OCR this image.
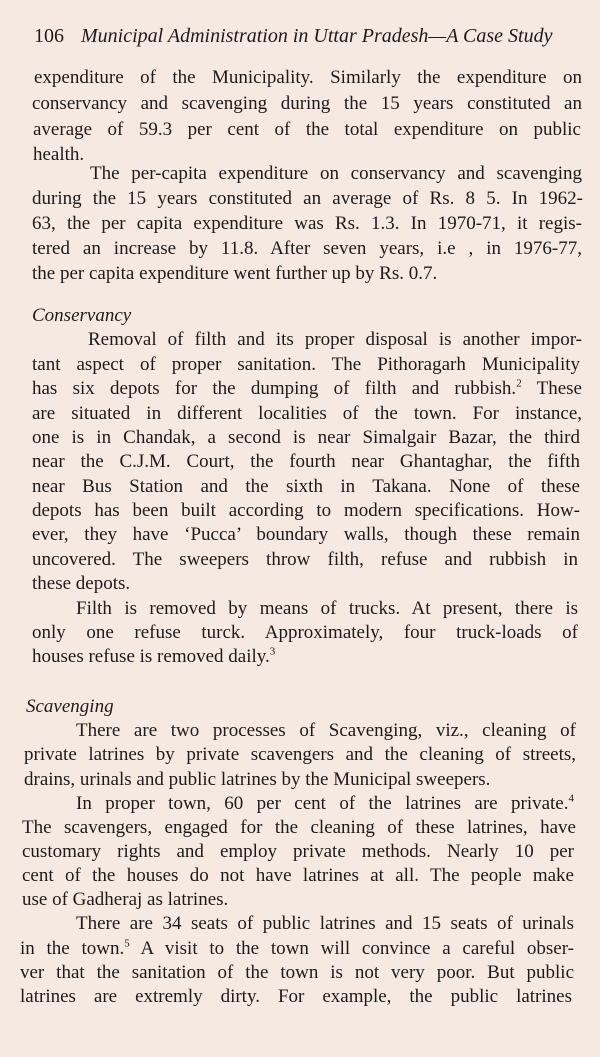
106 Municipal Administration in Uttar Pradesh—A Case Study
expenditure of the Municipality. Similarly the expenditure on
conservancy and scavenging during the 15 years constituted an
average of 59.3 per cent of the total expenditure on public
health.
The per-capita expenditure on conservancy and scavenging
during the 15 years constituted an average of Rs. 8 5. In 1962-
63, the per capita expenditure was Rs. 1.3. In 1970-71, it regis-
tered an increase by 11.8. After seven years, i.e , in 1976-77,
the per capita expenditure went further up by Rs. 0.7.
Conservancy
Removal of filth and its proper disposal is another impor-
tant aspect of proper sanitation. The Pithoragarh Municipality
has six depots for the dumping of filth and rubbish.$^2$ These
are situated in different localities of the town. For instance,
one is in Chandak, a second is near Simalgair Bazar, the third
near the C.J.M. Court, the fourth near Ghantaghar, the fifth
near Bus Station and the sixth in Takana. None of these
depots has been built according to modern specifications. How-
ever, they have ‘Pucca’ boundary walls, though these remain
uncovered. The sweepers throw filth, refuse and rubbish in
these depots.
Filth is removed by means of trucks. At present, there is
only one refuse turck. Approximately, four truck-loads of
houses refuse is removed daily.$^3$
Scavenging
There are two processes of Scavenging, viz., cleaning of
private latrines by private scavengers and the cleaning of streets,
drains, urinals and public latrines by the Municipal sweepers.
In proper town, 60 per cent of the latrines are private.$^4$
The scavengers, engaged for the cleaning of these latrines, have
customary rights and employ private methods. Nearly 10 per
cent of the houses do not have latrines at all. The people make
use of Gadheraj as latrines.
There are 34 seats of public latrines and 15 seats of urinals
in the town.$^5$ A visit to the town will convince a careful obser-
ver that the sanitation of the town is not very poor. But public
latrines are extremly dirty. For example, the public latrines
